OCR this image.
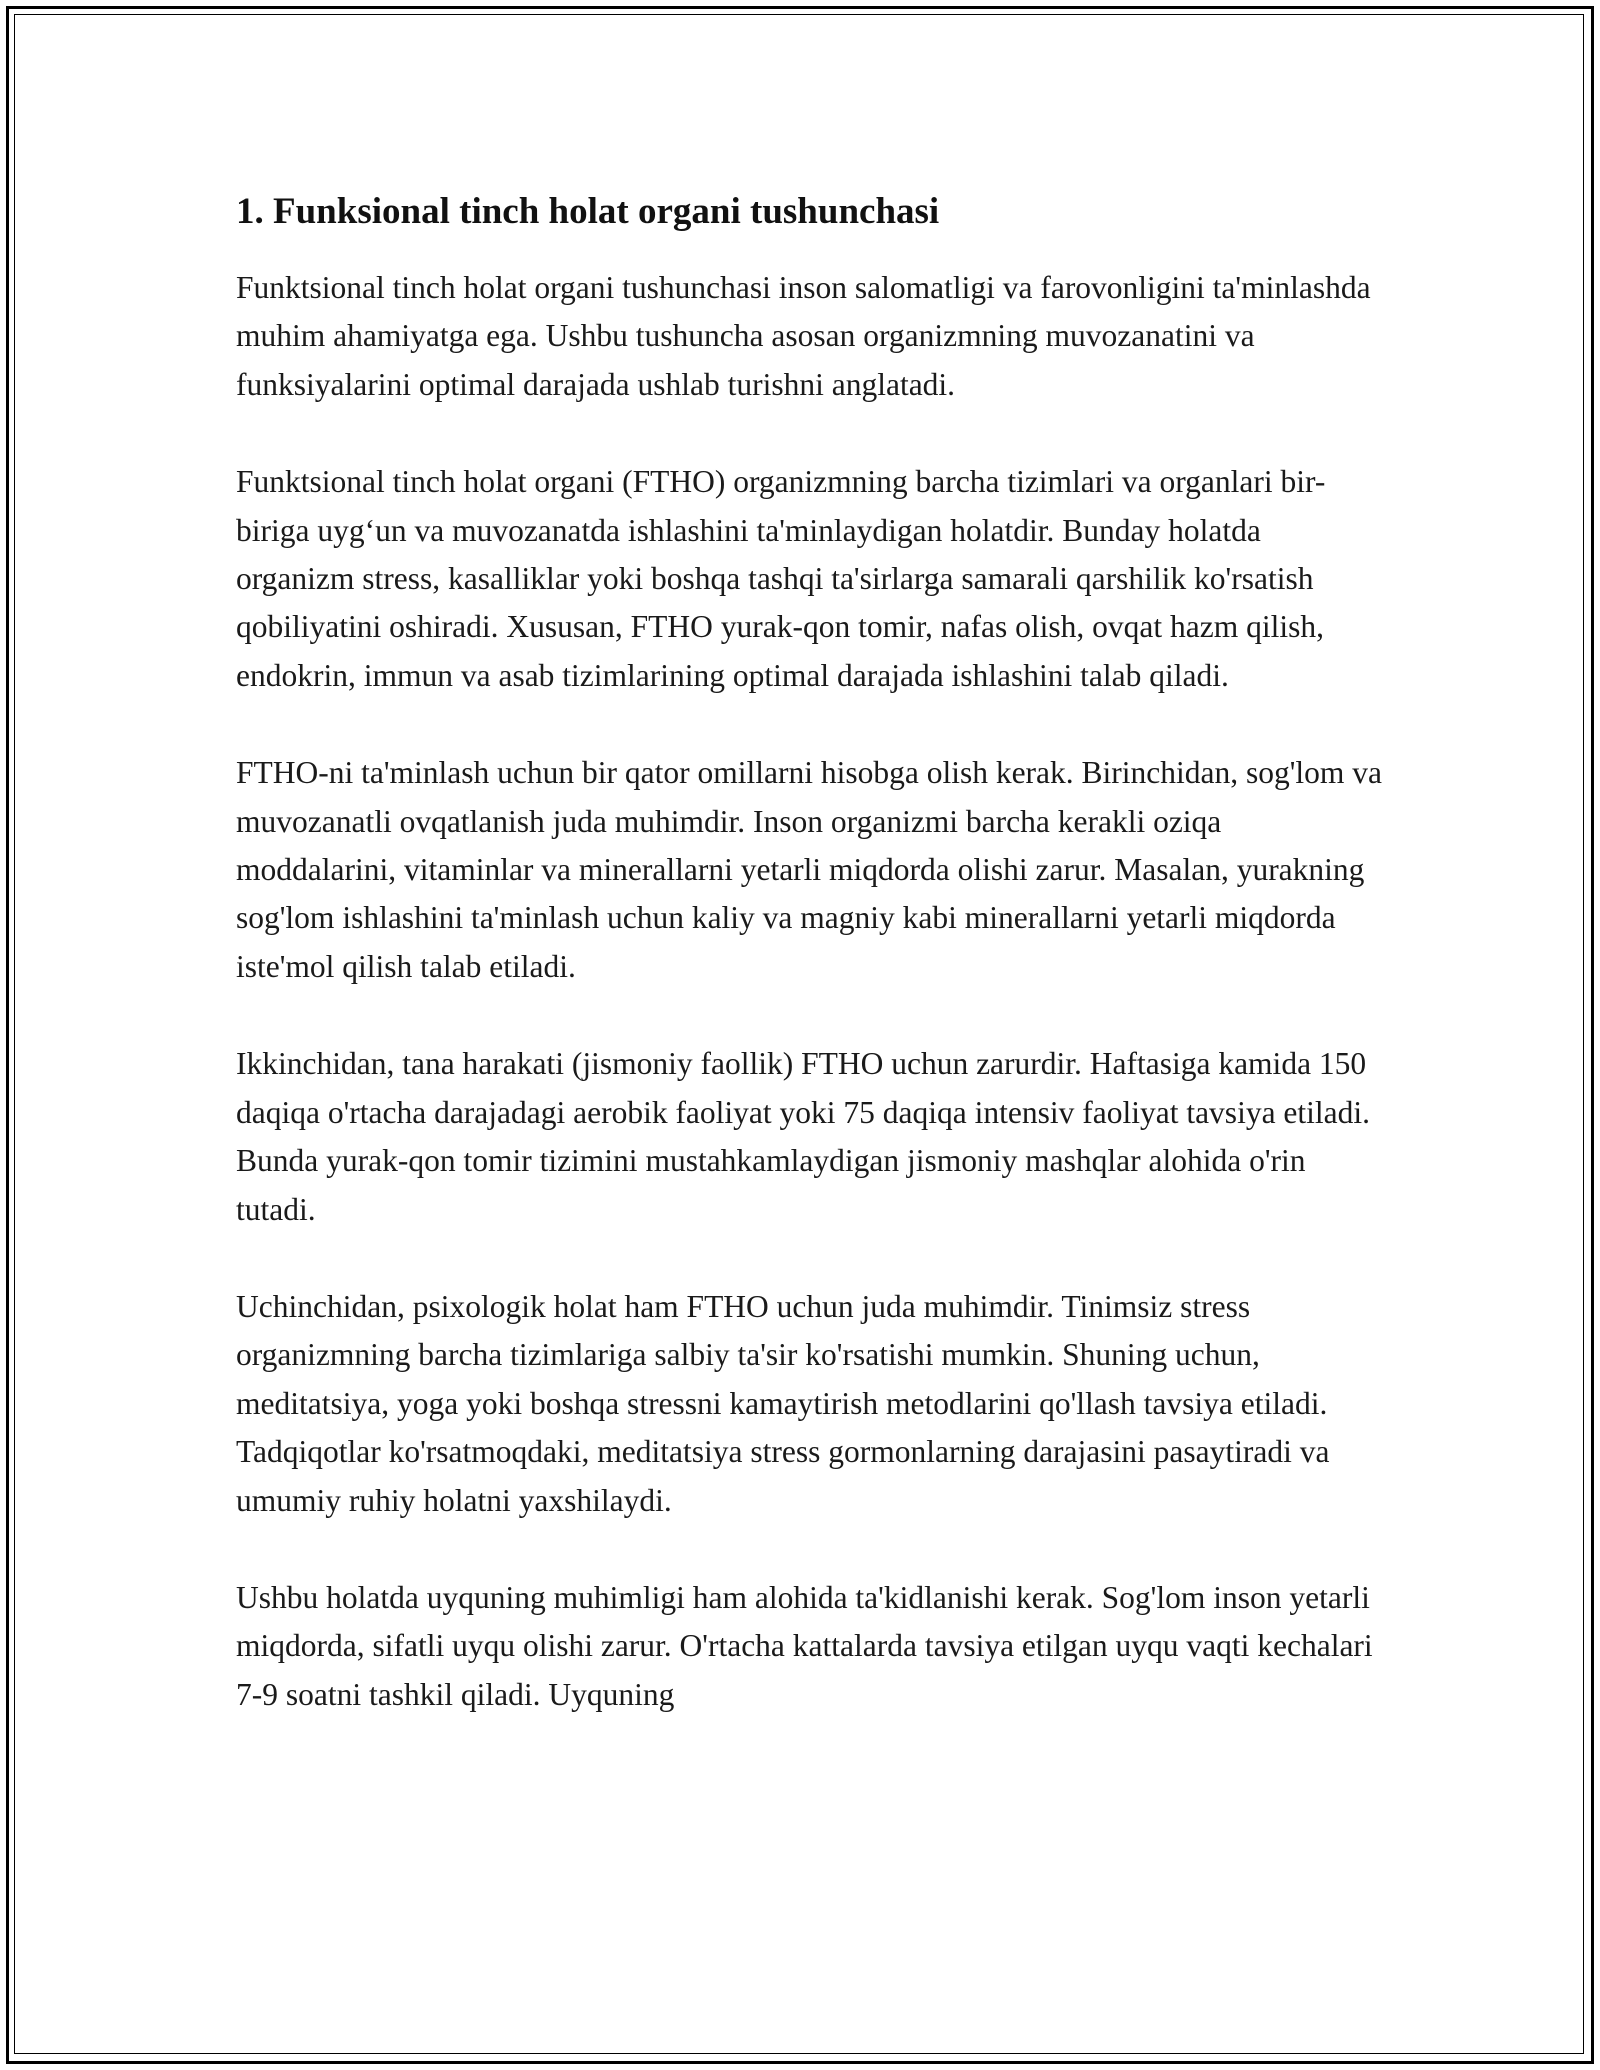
1. Funksional tinch holat organi tushunchasi

Funktsional tinch holat organi tushunchasi inson salomatligi va farovonligini ta'minlashda muhim ahamiyatga ega. Ushbu tushuncha asosan organizmning muvozanatini va funksiyalarini optimal darajada ushlab turishni anglatadi.

Funktsional tinch holat organi (FTHO) organizmning barcha tizimlari va organlari bir-biriga uyg‘un va muvozanatda ishlashini ta'minlaydigan holatdir. Bunday holatda organizm stress, kasalliklar yoki boshqa tashqi ta'sirlarga samarali qarshilik ko'rsatish qobiliyatini oshiradi. Xususan, FTHO yurak-qon tomir, nafas olish, ovqat hazm qilish, endokrin, immun va asab tizimlarining optimal darajada ishlashini talab qiladi.

FTHO-ni ta'minlash uchun bir qator omillarni hisobga olish kerak. Birinchidan, sog'lom va muvozanatli ovqatlanish juda muhimdir. Inson organizmi barcha kerakli oziqa moddalarini, vitaminlar va minerallarni yetarli miqdorda olishi zarur. Masalan, yurakning sog'lom ishlashini ta'minlash uchun kaliy va magniy kabi minerallarni yetarli miqdorda iste'mol qilish talab etiladi.

Ikkinchidan, tana harakati (jismoniy faollik) FTHO uchun zarurdir. Haftasiga kamida 150 daqiqa o'rtacha darajadagi aerobik faoliyat yoki 75 daqiqa intensiv faoliyat tavsiya etiladi. Bunda yurak-qon tomir tizimini mustahkamlaydigan jismoniy mashqlar alohida o'rin tutadi.

Uchinchidan, psixologik holat ham FTHO uchun juda muhimdir. Tinimsiz stress organizmning barcha tizimlariga salbiy ta'sir ko'rsatishi mumkin. Shuning uchun, meditatsiya, yoga yoki boshqa stressni kamaytirish metodlarini qo'llash tavsiya etiladi. Tadqiqotlar ko'rsatmoqdaki, meditatsiya stress gormonlarning darajasini pasaytiradi va umumiy ruhiy holatni yaxshilaydi.

Ushbu holatda uyquning muhimligi ham alohida ta'kidlanishi kerak. Sog'lom inson yetarli miqdorda, sifatli uyqu olishi zarur. O'rtacha kattalarda tavsiya etilgan uyqu vaqti kechalari 7-9 soatni tashkil qiladi. Uyquning
